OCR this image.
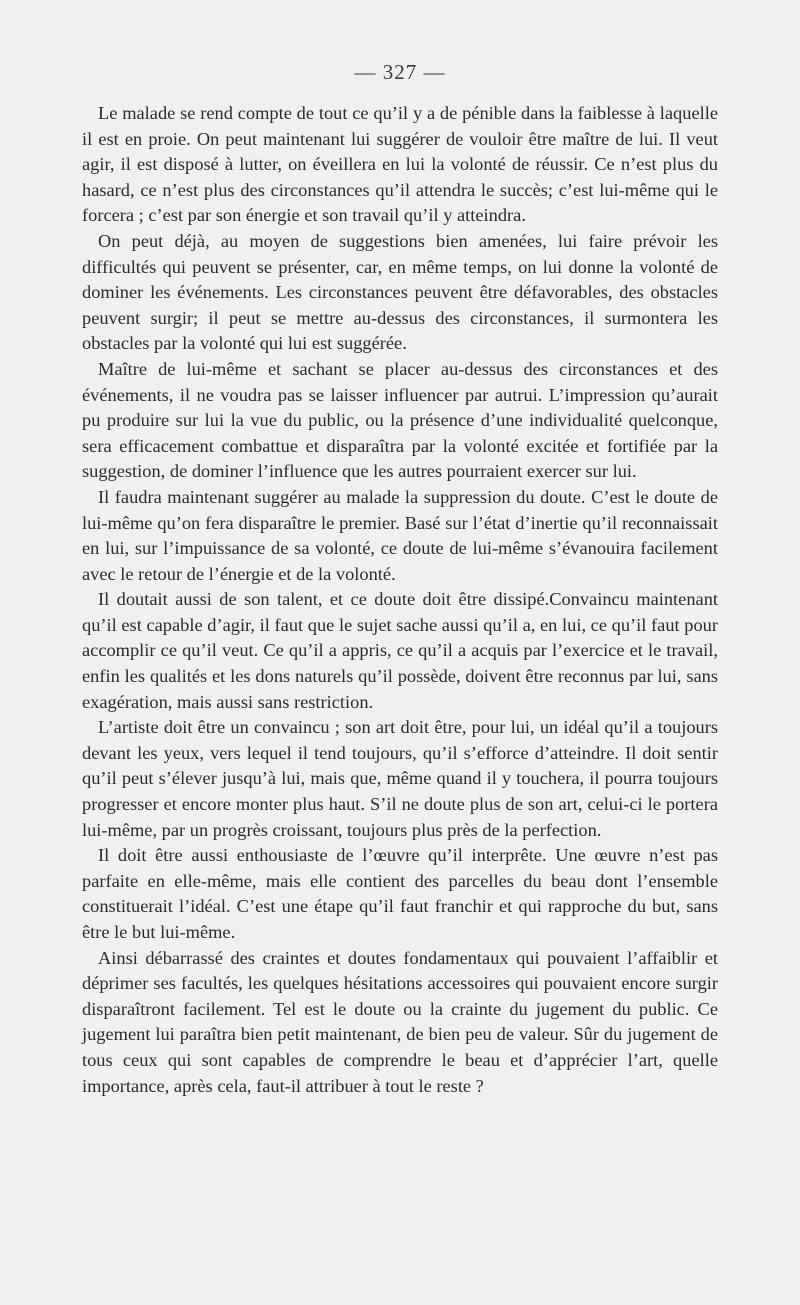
— 327 —

Le malade se rend compte de tout ce qu’il y a de pénible dans la faiblesse à laquelle il est en proie. On peut maintenant lui suggérer de vouloir être maître de lui. Il veut agir, il est disposé à lutter, on éveillera en lui la volonté de réussir. Ce n’est plus du hasard, ce n’est plus des circonstances qu’il attendra le succès; c’est lui-même qui le forcera ; c’est par son énergie et son travail qu’il y atteindra.

On peut déjà, au moyen de suggestions bien amenées, lui faire prévoir les difficultés qui peuvent se présenter, car, en même temps, on lui donne la volonté de dominer les événements. Les circonstances peuvent être défavorables, des obstacles peuvent surgir; il peut se mettre au-dessus des circonstances, il surmontera les obstacles par la volonté qui lui est suggérée.

Maître de lui-même et sachant se placer au-dessus des circonstances et des événements, il ne voudra pas se laisser influencer par autrui. L’impression qu’aurait pu produire sur lui la vue du public, ou la présence d’une individualité quelconque, sera efficacement combattue et disparaîtra par la volonté excitée et fortifiée par la suggestion, de dominer l’influence que les autres pourraient exercer sur lui.

Il faudra maintenant suggérer au malade la suppression du doute. C’est le doute de lui-même qu’on fera disparaître le premier. Basé sur l’état d’inertie qu’il reconnaissait en lui, sur l’impuissance de sa volonté, ce doute de lui-même s’évanouira facilement avec le retour de l’énergie et de la volonté.

Il doutait aussi de son talent, et ce doute doit être dissipé.Convaincu maintenant qu’il est capable d’agir, il faut que le sujet sache aussi qu’il a, en lui, ce qu’il faut pour accomplir ce qu’il veut. Ce qu’il a appris, ce qu’il a acquis par l’exercice et le travail, enfin les qualités et les dons naturels qu’il possède, doivent être reconnus par lui, sans exagération, mais aussi sans restriction.

L’artiste doit être un convaincu ; son art doit être, pour lui, un idéal qu’il a toujours devant les yeux, vers lequel il tend toujours, qu’il s’efforce d’atteindre. Il doit sentir qu’il peut s’élever jusqu’à lui, mais que, même quand il y touchera, il pourra toujours progresser et encore monter plus haut. S’il ne doute plus de son art, celui-ci le portera lui-même, par un progrès croissant, toujours plus près de la perfection.

Il doit être aussi enthousiaste de l’œuvre qu’il interprête. Une œuvre n’est pas parfaite en elle-même, mais elle contient des parcelles du beau dont l’ensemble constituerait l’idéal. C’est une étape qu’il faut franchir et qui rapproche du but, sans être le but lui-même.

Ainsi débarrassé des craintes et doutes fondamentaux qui pouvaient l’affaiblir et déprimer ses facultés, les quelques hésitations accessoires qui pouvaient encore surgir disparaîtront facilement. Tel est le doute ou la crainte du jugement du public. Ce jugement lui paraîtra bien petit maintenant, de bien peu de valeur. Sûr du jugement de tous ceux qui sont capables de comprendre le beau et d’apprécier l’art, quelle importance, après cela, faut-il attribuer à tout le reste ?
